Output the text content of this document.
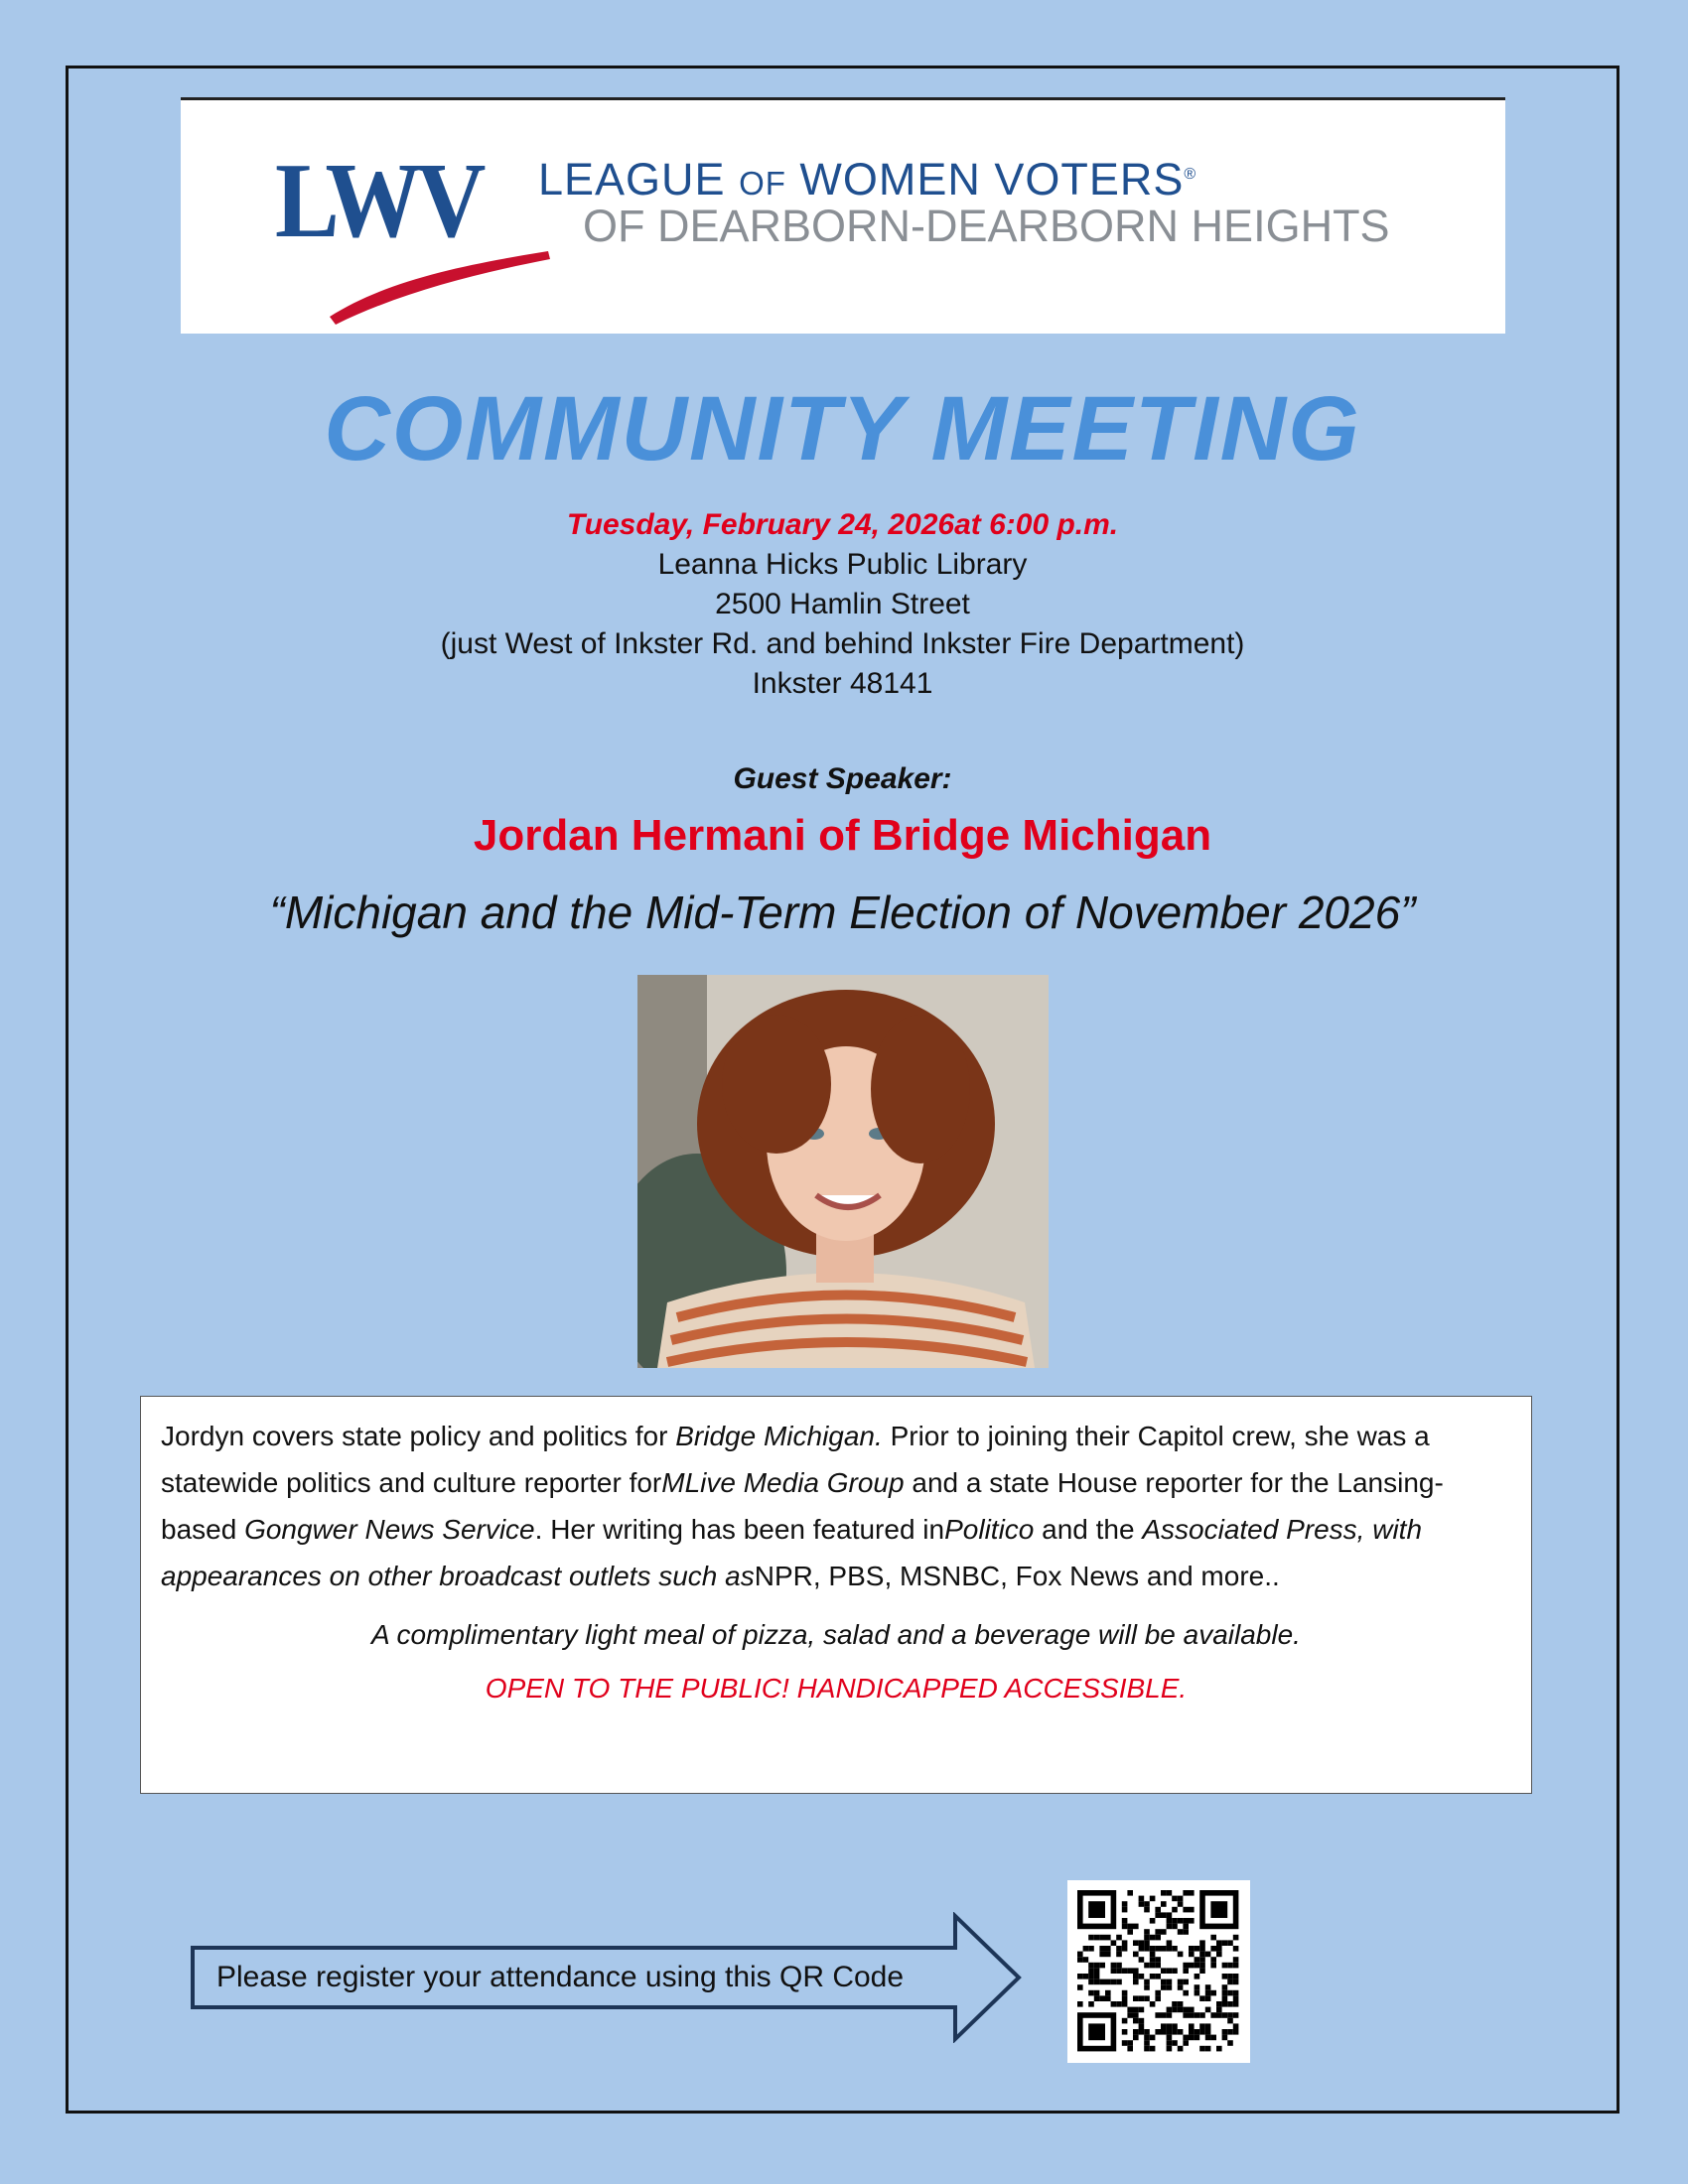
LWV LEAGUE OF WOMEN VOTERS®
OF DEARBORN-DEARBORN HEIGHTS
COMMUNITY MEETING
Tuesday, February 24, 2026at 6:00 p.m.
Leanna Hicks Public Library
2500 Hamlin Street
(just West of Inkster Rd. and behind Inkster Fire Department)
Inkster 48141
Guest Speaker:
Jordan Hermani of Bridge Michigan
“Michigan and the Mid-Term Election of November 2026”

Jordyn covers state policy and politics for Bridge Michigan. Prior to joining their Capitol crew, she was a statewide politics and culture reporter forMLive Media Group and a state House reporter for the Lansing-based Gongwer News Service. Her writing has been featured inPolitico and the Associated Press, with appearances on other broadcast outlets such asNPR, PBS, MSNBC, Fox News and more..

A complimentary light meal of pizza, salad and a beverage will be available.

OPEN TO THE PUBLIC! HANDICAPPED ACCESSIBLE.

Please register your attendance using this QR Code
